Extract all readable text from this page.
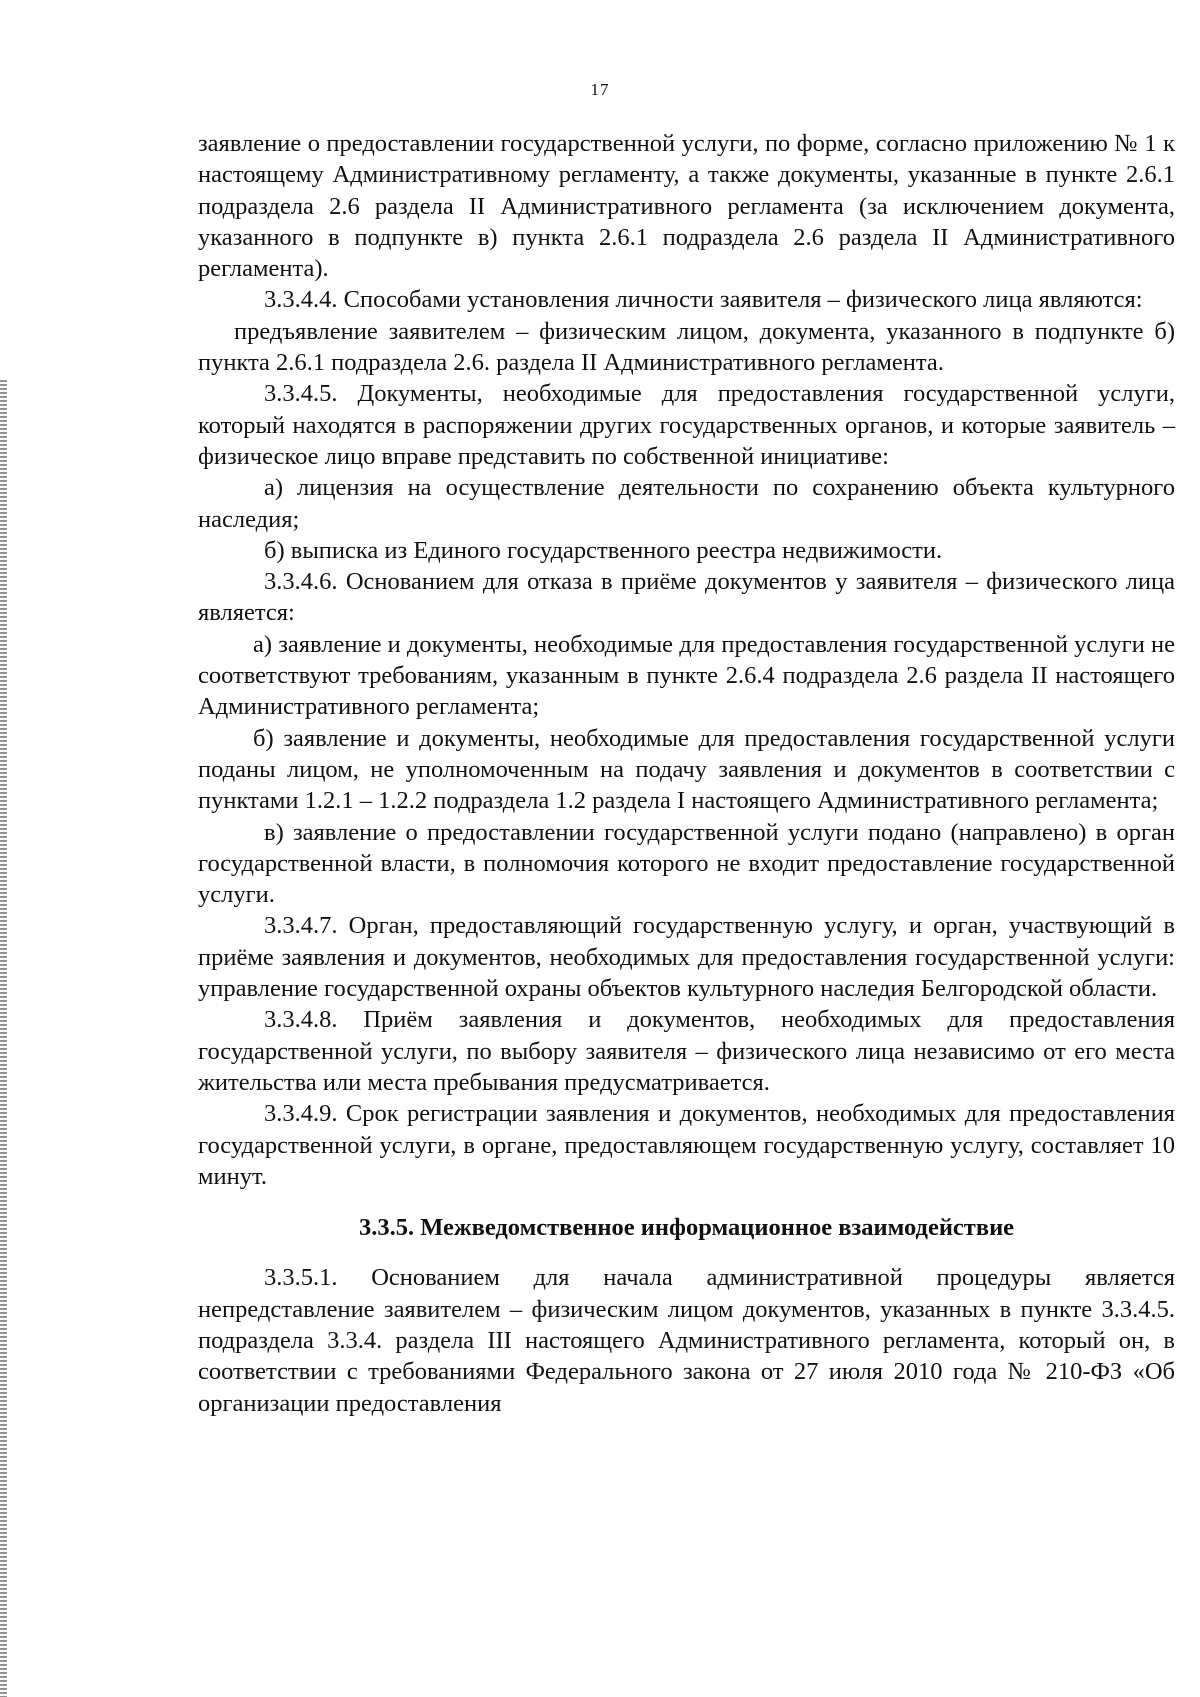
17

заявление о предоставлении государственной услуги, по форме, согласно приложению № 1 к настоящему Административному регламенту, а также документы, указанные в пункте 2.6.1 подраздела 2.6 раздела II Административного регламента (за исключением документа, указанного в подпункте в) пункта 2.6.1 подраздела 2.6 раздела II Административного регламента).

3.3.4.4. Способами установления личности заявителя – физического лица являются:

предъявление заявителем – физическим лицом, документа, указанного в подпункте б) пункта 2.6.1 подраздела 2.6. раздела II Административного регламента.

3.3.4.5. Документы, необходимые для предоставления государственной услуги, который находятся в распоряжении других государственных органов, и которые заявитель – физическое лицо вправе представить по собственной инициативе:

а) лицензия на осуществление деятельности по сохранению объекта культурного наследия;

б) выписка из Единого государственного реестра недвижимости.

3.3.4.6. Основанием для отказа в приёме документов у заявителя – физического лица является:

а) заявление и документы, необходимые для предоставления государственной услуги не соответствуют требованиям, указанным в пункте 2.6.4 подраздела 2.6 раздела II настоящего Административного регламента;

б) заявление и документы, необходимые для предоставления государственной услуги поданы лицом, не уполномоченным на подачу заявления и документов в соответствии с пунктами 1.2.1 – 1.2.2 подраздела 1.2 раздела I настоящего Административного регламента;

в) заявление о предоставлении государственной услуги подано (направлено) в орган государственной власти, в полномочия которого не входит предоставление государственной услуги.

3.3.4.7. Орган, предоставляющий государственную услугу, и орган, участвующий в приёме заявления и документов, необходимых для предоставления государственной услуги: управление государственной охраны объектов культурного наследия Белгородской области.

3.3.4.8. Приём заявления и документов, необходимых для предоставления государственной услуги, по выбору заявителя – физического лица независимо от его места жительства или места пребывания предусматривается.

3.3.4.9. Срок регистрации заявления и документов, необходимых для предоставления государственной услуги, в органе, предоставляющем государственную услугу, составляет 10 минут.

3.3.5. Межведомственное информационное взаимодействие

3.3.5.1. Основанием для начала административной процедуры является непредставление заявителем – физическим лицом документов, указанных в пункте 3.3.4.5. подраздела 3.3.4. раздела III настоящего Административного регламента, который он, в соответствии с требованиями Федерального закона от 27 июля 2010 года № 210-ФЗ «Об организации предоставления
